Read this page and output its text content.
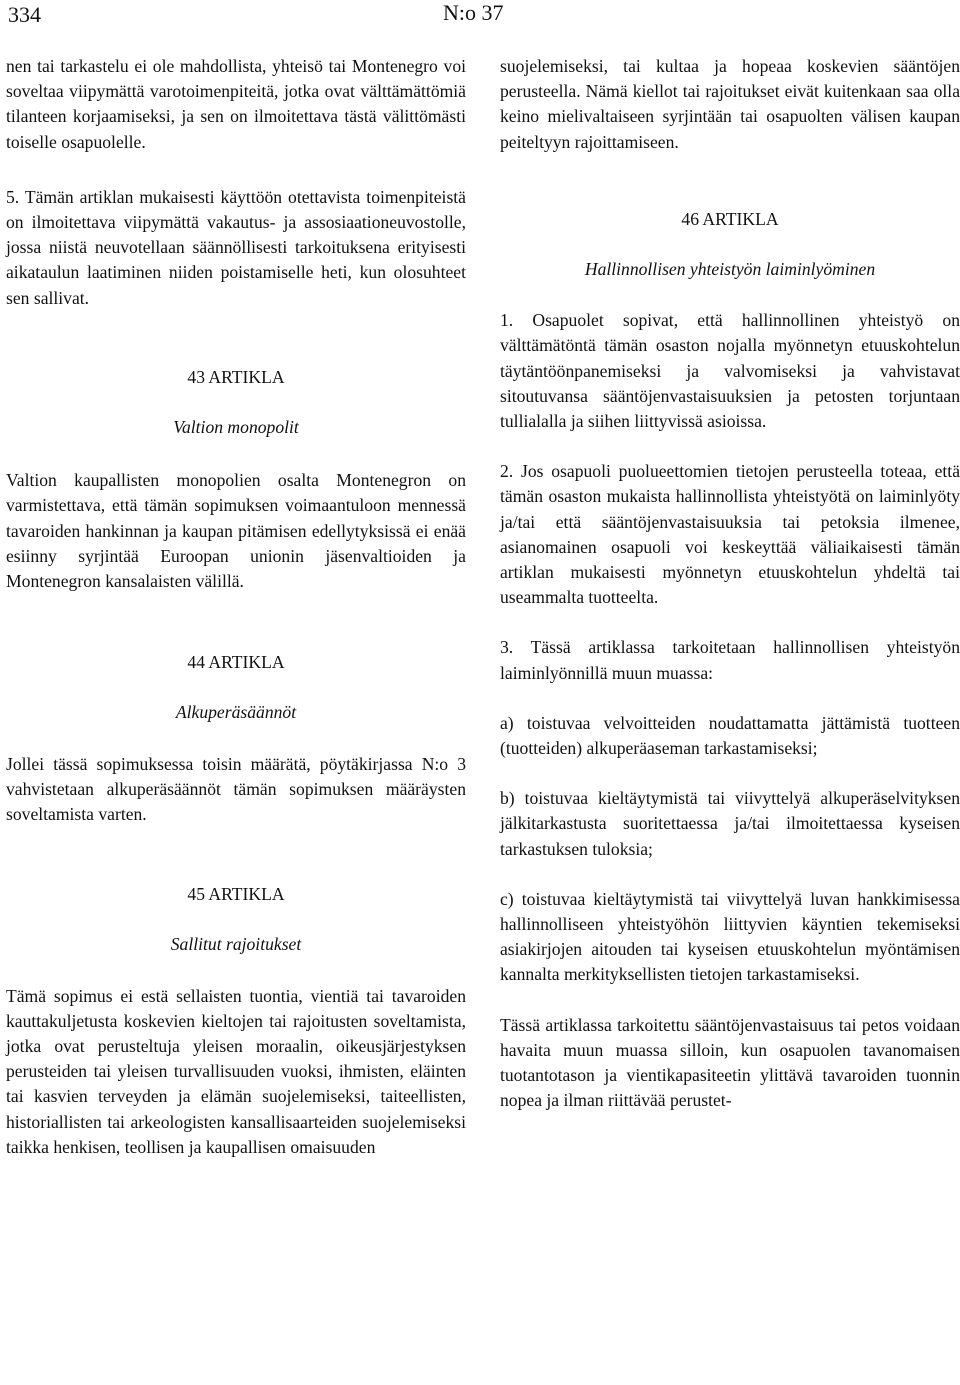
334	N:o 37

nen tai tarkastelu ei ole mahdollista, yhteisö tai Montenegro voi soveltaa viipymättä varotoimenpiteitä, jotka ovat välttämättömiä tilanteen korjaamiseksi, ja sen on ilmoitettava tästä välittömästi toiselle osapuolelle.

5. Tämän artiklan mukaisesti käyttöön otettavista toimenpiteistä on ilmoitettava viipymättä vakautus- ja assosiaationeuvostolle, jossa niistä neuvotellaan säännöllisesti tarkoituksena erityisesti aikataulun laatiminen niiden poistamiselle heti, kun olosuhteet sen sallivat.

43 ARTIKLA

Valtion monopolit

Valtion kaupallisten monopolien osalta Montenegron on varmistettava, että tämän sopimuksen voimaantuloon mennessä tavaroiden hankinnan ja kaupan pitämisen edellytyksissä ei enää esiinny syrjintää Euroopan unionin jäsenvaltioiden ja Montenegron kansalaisten välillä.

44 ARTIKLA

Alkuperäsäännöt

Jollei tässä sopimuksessa toisin määrätä, pöytäkirjassa N:o 3 vahvistetaan alkuperäsäännöt tämän sopimuksen määräysten soveltamista varten.

45 ARTIKLA

Sallitut rajoitukset

Tämä sopimus ei estä sellaisten tuontia, vientiä tai tavaroiden kauttakuljetusta koskevien kieltojen tai rajoitusten soveltamista, jotka ovat perusteltuja yleisen moraalin, oikeusjärjestyksen perusteiden tai yleisen turvallisuuden vuoksi, ihmisten, eläinten tai kasvien terveyden ja elämän suojelemiseksi, taiteellisten, historiallisten tai arkeologisten kansallisaarteiden suojelemiseksi taikka henkisen, teollisen ja kaupallisen omaisuuden

suojelemiseksi, tai kultaa ja hopeaa koskevien sääntöjen perusteella. Nämä kiellot tai rajoitukset eivät kuitenkaan saa olla keino mielivaltaiseen syrjintään tai osapuolten välisen kaupan peiteltyyn rajoittamiseen.

46 ARTIKLA

Hallinnollisen yhteistyön laiminlyöminen

1. Osapuolet sopivat, että hallinnollinen yhteistyö on välttämätöntä tämän osaston nojalla myönnetyn etuuskohtelun täytäntöönpanemiseksi ja valvomiseksi ja vahvistavat sitoutuvansa sääntöjenvastaisuuksien ja petosten torjuntaan tullialalla ja siihen liittyvissä asioissa.

2. Jos osapuoli puolueettomien tietojen perusteella toteaa, että tämän osaston mukaista hallinnollista yhteistyötä on laiminlyöty ja/tai että sääntöjenvastaisuuksia tai petoksia ilmenee, asianomainen osapuoli voi keskeyttää väliaikaisesti tämän artiklan mukaisesti myönnetyn etuuskohtelun yhdeltä tai useammalta tuotteelta.

3. Tässä artiklassa tarkoitetaan hallinnollisen yhteistyön laiminlyönnillä muun muassa:

a) toistuvaa velvoitteiden noudattamatta jättämistä tuotteen (tuotteiden) alkuperäaseman tarkastamiseksi;

b) toistuvaa kieltäytymistä tai viivyttelyä alkuperäselvityksen jälkitarkastusta suoritettaessa ja/tai ilmoitettaessa kyseisen tarkastuksen tuloksia;

c) toistuvaa kieltäytymistä tai viivyttelyä luvan hankkimisessa hallinnolliseen yhteistyöhön liittyvien käyntien tekemiseksi asiakirjojen aitouden tai kyseisen etuuskohtelun myöntämisen kannalta merkityksellisten tietojen tarkastamiseksi.

Tässä artiklassa tarkoitettu sääntöjenvastaisuus tai petos voidaan havaita muun muassa silloin, kun osapuolen tavanomaisen tuotantotason ja vientikapasiteetin ylittävä tavaroiden tuonnin nopea ja ilman riittävää perustet-
